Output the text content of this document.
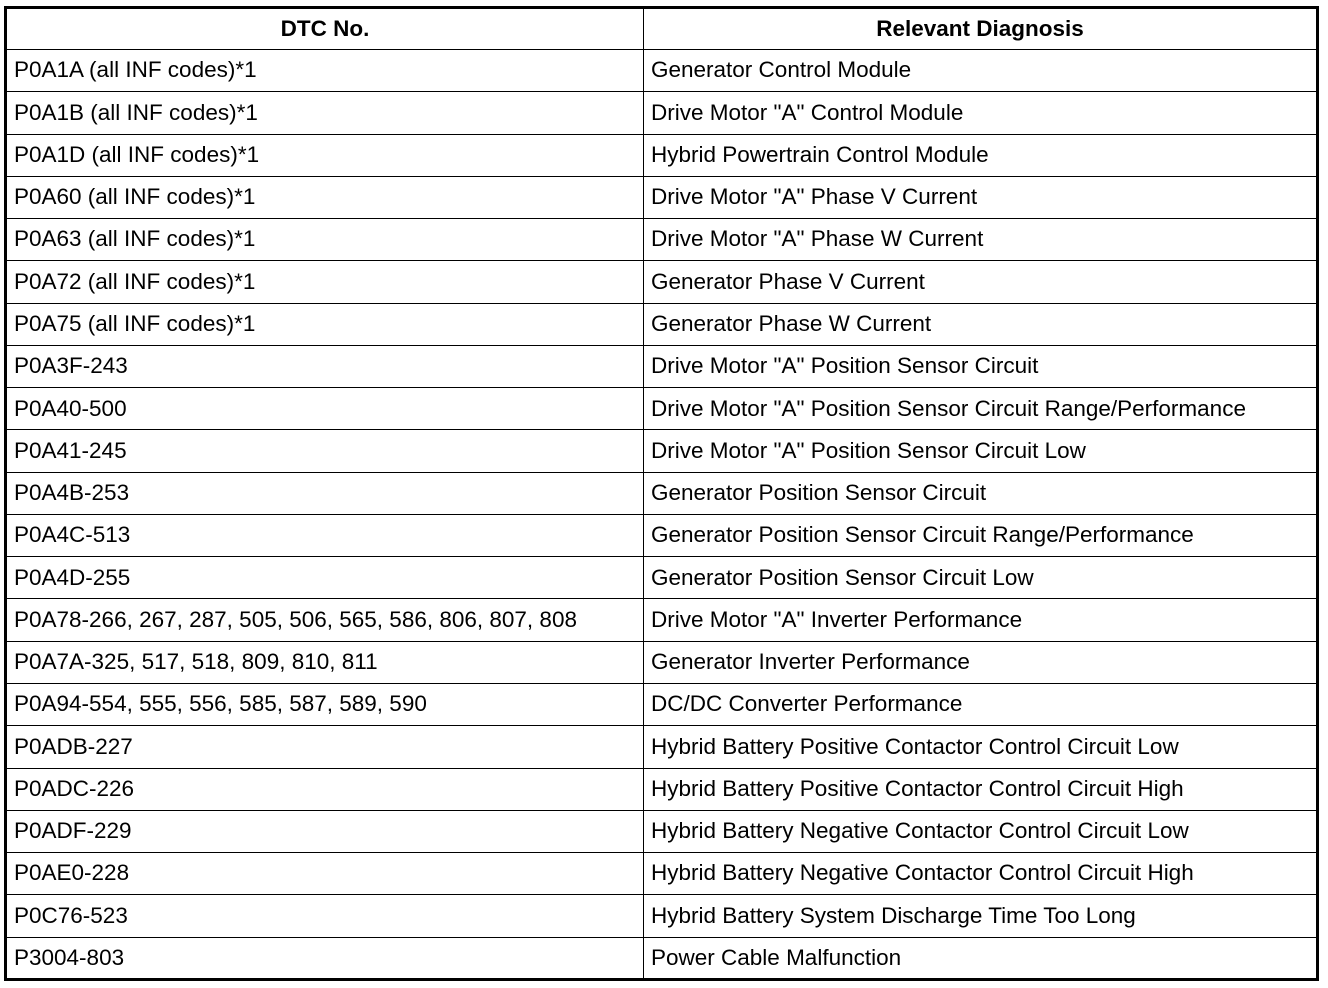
DTC No.	Relevant Diagnosis
P0A1A (all INF codes)*1	Generator Control Module
P0A1B (all INF codes)*1	Drive Motor "A" Control Module
P0A1D (all INF codes)*1	Hybrid Powertrain Control Module
P0A60 (all INF codes)*1	Drive Motor "A" Phase V Current
P0A63 (all INF codes)*1	Drive Motor "A" Phase W Current
P0A72 (all INF codes)*1	Generator Phase V Current
P0A75 (all INF codes)*1	Generator Phase W Current
P0A3F-243	Drive Motor "A" Position Sensor Circuit
P0A40-500	Drive Motor "A" Position Sensor Circuit Range/Performance
P0A41-245	Drive Motor "A" Position Sensor Circuit Low
P0A4B-253	Generator Position Sensor Circuit
P0A4C-513	Generator Position Sensor Circuit Range/Performance
P0A4D-255	Generator Position Sensor Circuit Low
P0A78-266, 267, 287, 505, 506, 565, 586, 806, 807, 808	Drive Motor "A" Inverter Performance
P0A7A-325, 517, 518, 809, 810, 811	Generator Inverter Performance
P0A94-554, 555, 556, 585, 587, 589, 590	DC/DC Converter Performance
P0ADB-227	Hybrid Battery Positive Contactor Control Circuit Low
P0ADC-226	Hybrid Battery Positive Contactor Control Circuit High
P0ADF-229	Hybrid Battery Negative Contactor Control Circuit Low
P0AE0-228	Hybrid Battery Negative Contactor Control Circuit High
P0C76-523	Hybrid Battery System Discharge Time Too Long
P3004-803	Power Cable Malfunction
